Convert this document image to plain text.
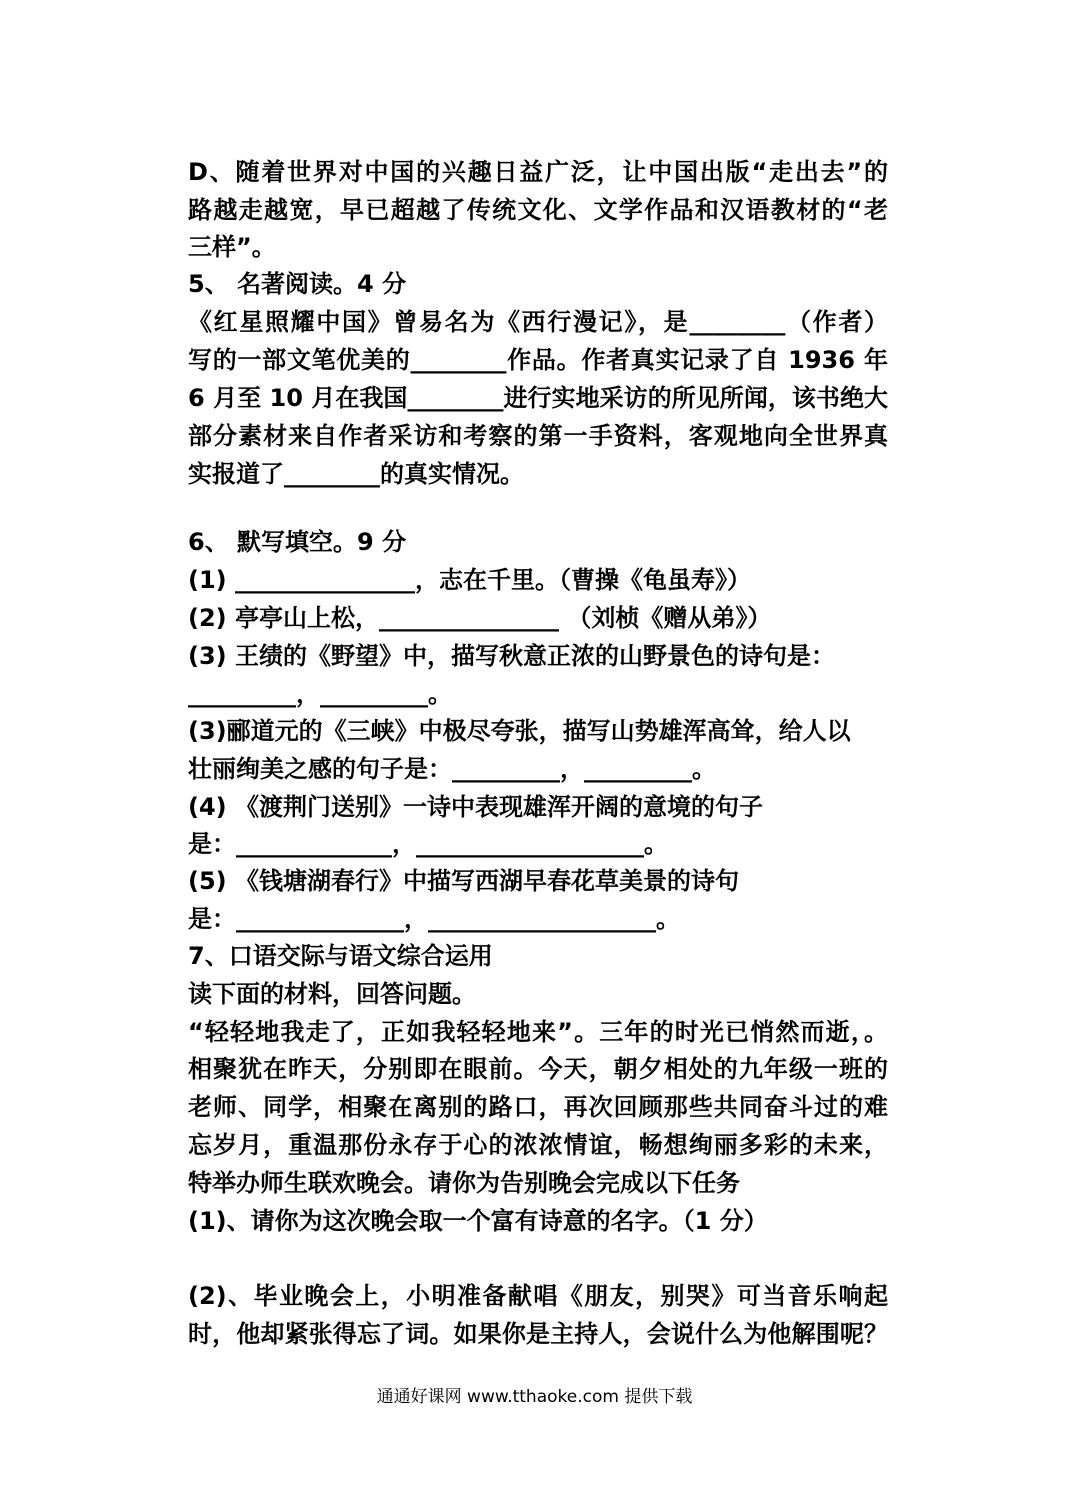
D、随着世界对中国的兴趣日益广泛，让中国出版“走出去”的
路越走越宽，早已超越了传统文化、文学作品和汉语教材的“老
三样”。
5、 名著阅读。4 分
《红星照耀中国》曾易名为《西行漫记》，是________（作者）
写的一部文笔优美的________作品。作者真实记录了自 1936 年
6 月至 10 月在我国________进行实地采访的所见所闻，该书绝大
部分素材来自作者采访和考察的第一手资料，客观地向全世界真
实报道了________的真实情况。
6、 默写填空。9 分
(1) _______________，志在千里。（曹操《龟虽寿》）
(2) 亭亭山上松，_______________ （刘桢《赠从弟》）
(3) 王绩的《野望》中，描写秋意正浓的山野景色的诗句是：
_________，_________。
(3)郦道元的《三峡》中极尽夸张，描写山势雄浑高耸，给人以
壮丽绚美之感的句子是：_________，_________。
(4) 《渡荆门送别》一诗中表现雄浑开阔的意境的句子
是：_____________，___________________。
(5) 《钱塘湖春行》中描写西湖早春花草美景的诗句
是：______________，___________________。
7、口语交际与语文综合运用
读下面的材料，回答问题。
“轻轻地我走了，正如我轻轻地来”。三年的时光已悄然而逝，。
相聚犹在昨天，分别即在眼前。今天，朝夕相处的九年级一班的
老师、同学，相聚在离别的路口，再次回顾那些共同奋斗过的难
忘岁月，重温那份永存于心的浓浓情谊，畅想绚丽多彩的未来，
特举办师生联欢晚会。请你为告别晚会完成以下任务
(1)、请你为这次晚会取一个富有诗意的名字。（1 分）
(2)、毕业晚会上，小明准备献唱《朋友，别哭》可当音乐响起
时，他却紧张得忘了词。如果你是主持人，会说什么为他解围呢？
通通好课网 www.tthaoke.com 提供下载
